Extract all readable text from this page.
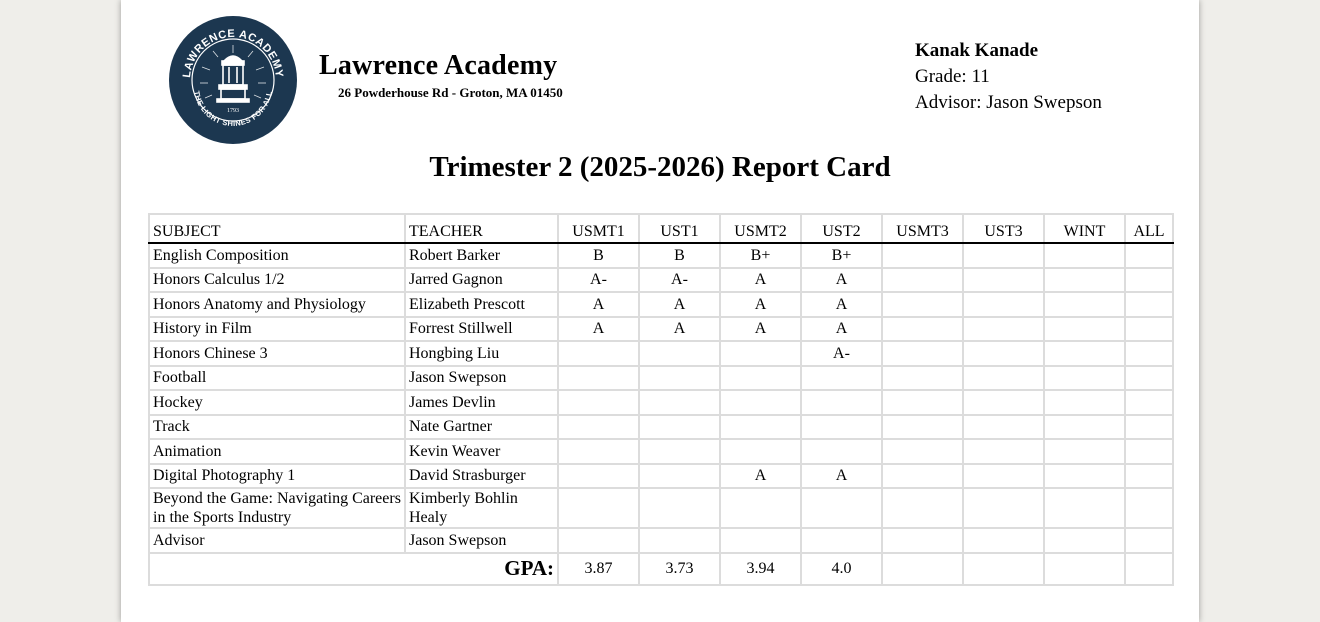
1793
LAWRENCE ACADEMY
THE LIGHT SHINES FOR ALL
Lawrence Academy
26 Powderhouse Rd - Groton, MA 01450
Kanak Kanade
Grade: 11
Advisor: Jason Swepson
Trimester 2 (2025-2026) Report Card
SUBJECT	TEACHER	USMT1	UST1	USMT2	UST2	USMT3	UST3	WINT	ALL
English Composition	Robert Barker	B	B	B+	B+				
Honors Calculus 1/2	Jarred Gagnon	A-	A-	A	A				
Honors Anatomy and Physiology	Elizabeth Prescott	A	A	A	A				
History in Film	Forrest Stillwell	A	A	A	A				
Honors Chinese 3	Hongbing Liu				A-				
Football	Jason Swepson								
Hockey	James Devlin								
Track	Nate Gartner								
Animation	Kevin Weaver								
Digital Photography 1	David Strasburger			A	A				
Beyond the Game: Navigating Careers in the Sports Industry	Kimberly Bohlin Healy								
Advisor	Jason Swepson								
GPA:		3.87	3.73	3.94	4.0				
